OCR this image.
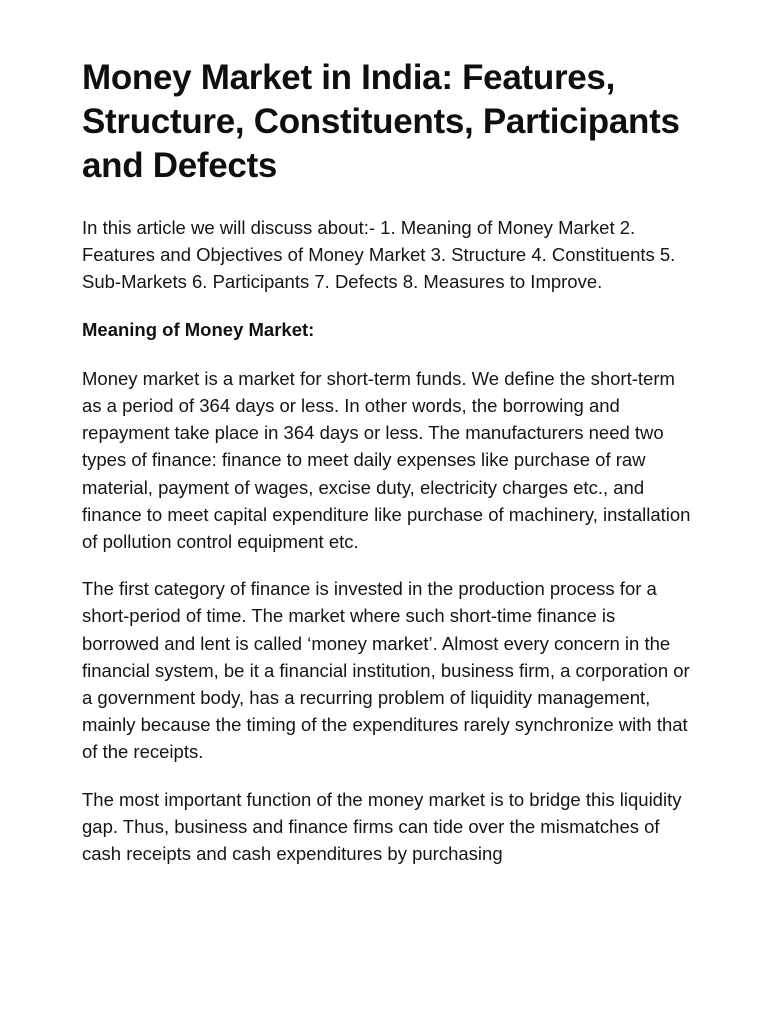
Money Market in India: Features, Structure, Constituents, Participants and Defects

In this article we will discuss about:- 1. Meaning of Money Market 2. Features and Objectives of Money Market 3. Structure 4. Constituents 5. Sub-Markets 6. Participants 7. Defects 8. Measures to Improve.

Meaning of Money Market:

Money market is a market for short-term funds. We define the short-term as a period of 364 days or less. In other words, the borrowing and repayment take place in 364 days or less. The manufacturers need two types of finance: finance to meet daily expenses like purchase of raw material, payment of wages, excise duty, electricity charges etc., and finance to meet capital expenditure like purchase of machinery, installation of pollution control equipment etc.

The first category of finance is invested in the production process for a short-period of time. The market where such short-time finance is borrowed and lent is called ‘money market’. Almost every concern in the financial system, be it a financial institution, business firm, a corporation or a government body, has a recurring problem of liquidity management, mainly because the timing of the expenditures rarely synchronize with that of the receipts.

The most important function of the money market is to bridge this liquidity gap. Thus, business and finance firms can tide over the mismatches of cash receipts and cash expenditures by purchasing
